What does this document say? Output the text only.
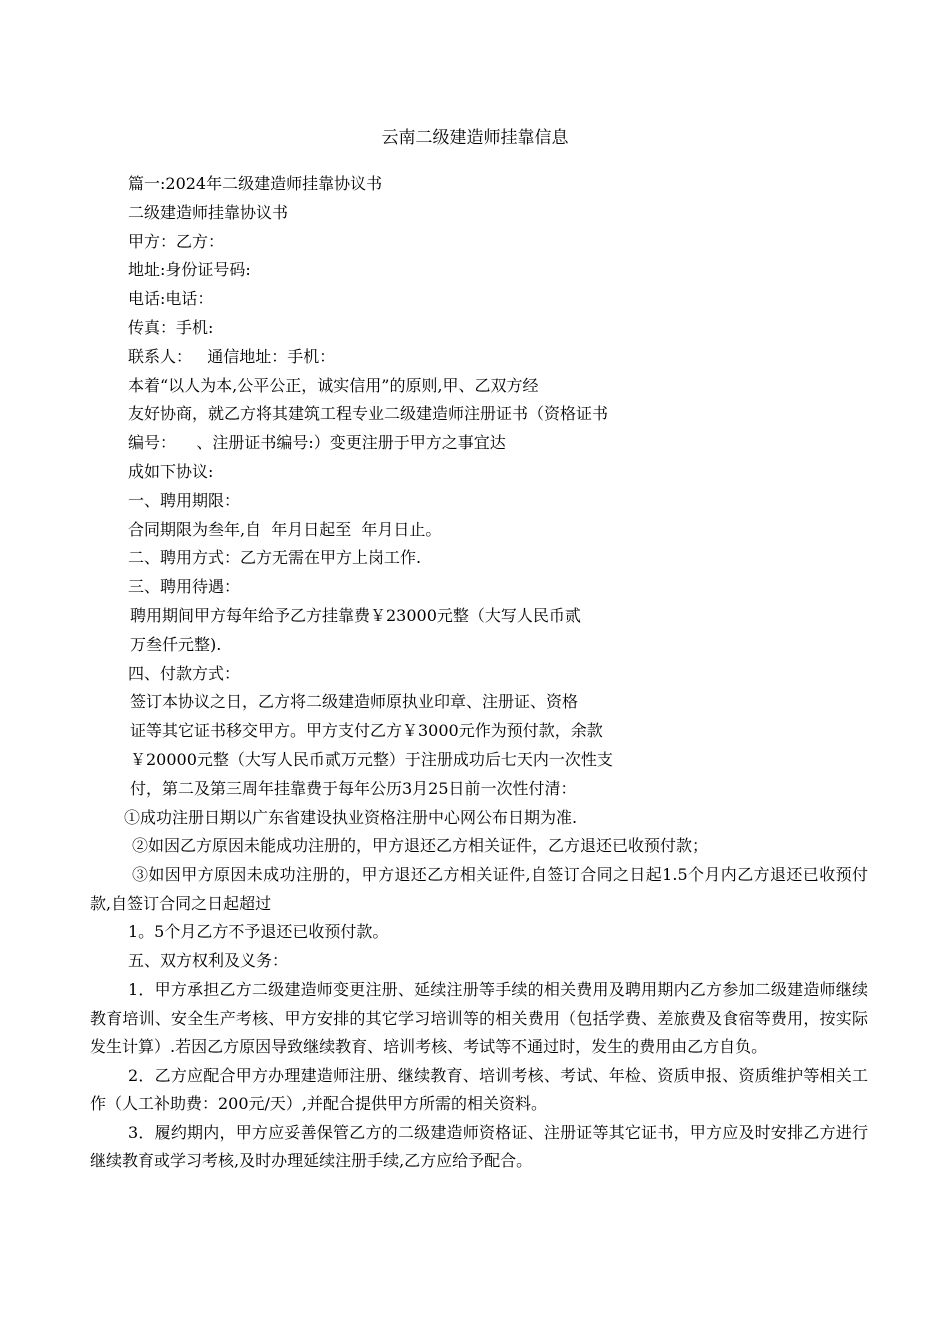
云南二级建造师挂靠信息
篇一:2024年二级建造师挂靠协议书
二级建造师挂靠协议书
甲方：乙方：
地址:身份证号码:
电话:电话：
传真：手机:
联系人：   通信地址：手机：
本着“以人为本,公平公正，诚实信用”的原则,甲、乙双方经
友好协商，就乙方将其建筑工程专业二级建造师注册证书（资格证书
编号：    、注册证书编号:）变更注册于甲方之事宜达
成如下协议:
一、聘用期限：
合同期限为叁年,自  年月日起至  年月日止。
二、聘用方式：乙方无需在甲方上岗工作.
三、聘用待遇：
聘用期间甲方每年给予乙方挂靠费￥23000元整（大写人民币贰
万叁仟元整).
四、付款方式：
签订本协议之日，乙方将二级建造师原执业印章、注册证、资格
证等其它证书移交甲方。甲方支付乙方￥3000元作为预付款，余款
￥20000元整（大写人民币贰万元整）于注册成功后七天内一次性支
付，第二及第三周年挂靠费于每年公历3月25日前一次性付清：
①成功注册日期以广东省建设执业资格注册中心网公布日期为准.
②如因乙方原因未能成功注册的，甲方退还乙方相关证件，乙方退还已收预付款；

③如因甲方原因未成功注册的，甲方退还乙方相关证件,自签订合同之日起1.5个月内乙方退还已收预付款,自签订合同之日起超过

1。5个月乙方不予退还已收预付款。
五、双方权利及义务：

1．甲方承担乙方二级建造师变更注册、延续注册等手续的相关费用及聘用期内乙方参加二级建造师继续教育培训、安全生产考核、甲方安排的其它学习培训等的相关费用（包括学费、差旅费及食宿等费用，按实际发生计算）.若因乙方原因导致继续教育、培训考核、考试等不通过时，发生的费用由乙方自负。

2．乙方应配合甲方办理建造师注册、继续教育、培训考核、考试、年检、资质申报、资质维护等相关工作（人工补助费：200元/天）,并配合提供甲方所需的相关资料。

3．履约期内，甲方应妥善保管乙方的二级建造师资格证、注册证等其它证书，甲方应及时安排乙方进行继续教育或学习考核,及时办理延续注册手续,乙方应给予配合。
